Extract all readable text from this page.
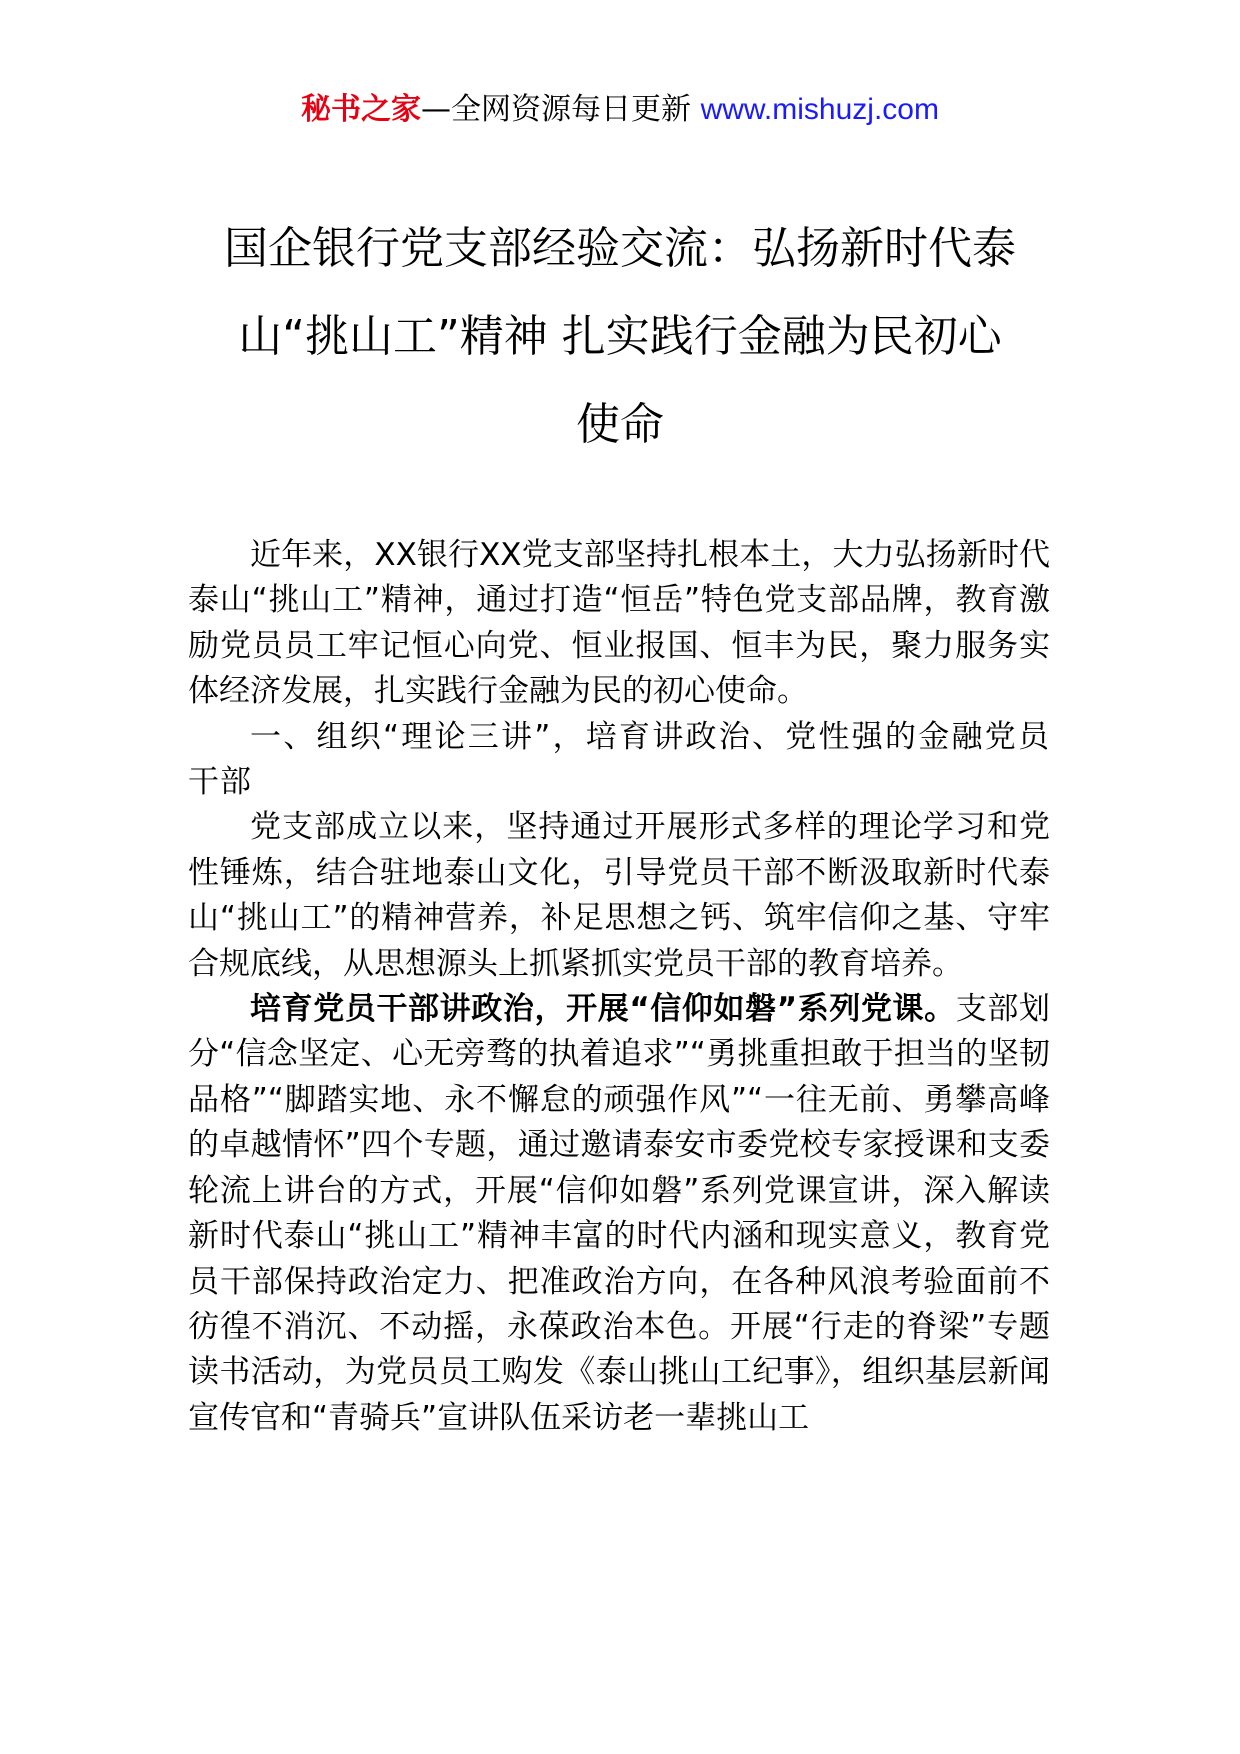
秘书之家—全网资源每日更新 www.mishuzj.com
国企银行党支部经验交流：弘扬新时代泰
山“挑山工”精神 扎实践行金融为民初心
使命

近年来，XX银行XX党支部坚持扎根本土，大力弘扬新时代泰山“挑山工”精神，通过打造“恒岳”特色党支部品牌，教育激励党员员工牢记恒心向党、恒业报国、恒丰为民，聚力服务实体经济发展，扎实践行金融为民的初心使命。

一、组织“理论三讲”，培育讲政治、党性强的金融党员干部

党支部成立以来，坚持通过开展形式多样的理论学习和党性锤炼，结合驻地泰山文化，引导党员干部不断汲取新时代泰山“挑山工”的精神营养，补足思想之钙、筑牢信仰之基、守牢合规底线，从思想源头上抓紧抓实党员干部的教育培养。

培育党员干部讲政治，开展“信仰如磐”系列党课。支部划分“信念坚定、心无旁骛的执着追求”“勇挑重担敢于担当的坚韧品格”“脚踏实地、永不懈怠的顽强作风”“一往无前、勇攀高峰的卓越情怀”四个专题，通过邀请泰安市委党校专家授课和支委轮流上讲台的方式，开展“信仰如磐”系列党课宣讲，深入解读新时代泰山“挑山工”精神丰富的时代内涵和现实意义，教育党员干部保持政治定力、把准政治方向，在各种风浪考验面前不彷徨不消沉、不动摇，永葆政治本色。开展“行走的脊梁”专题读书活动，为党员员工购发《泰山挑山工纪事》，组织基层新闻宣传官和“青骑兵”宣讲队伍采访老一辈挑山工
